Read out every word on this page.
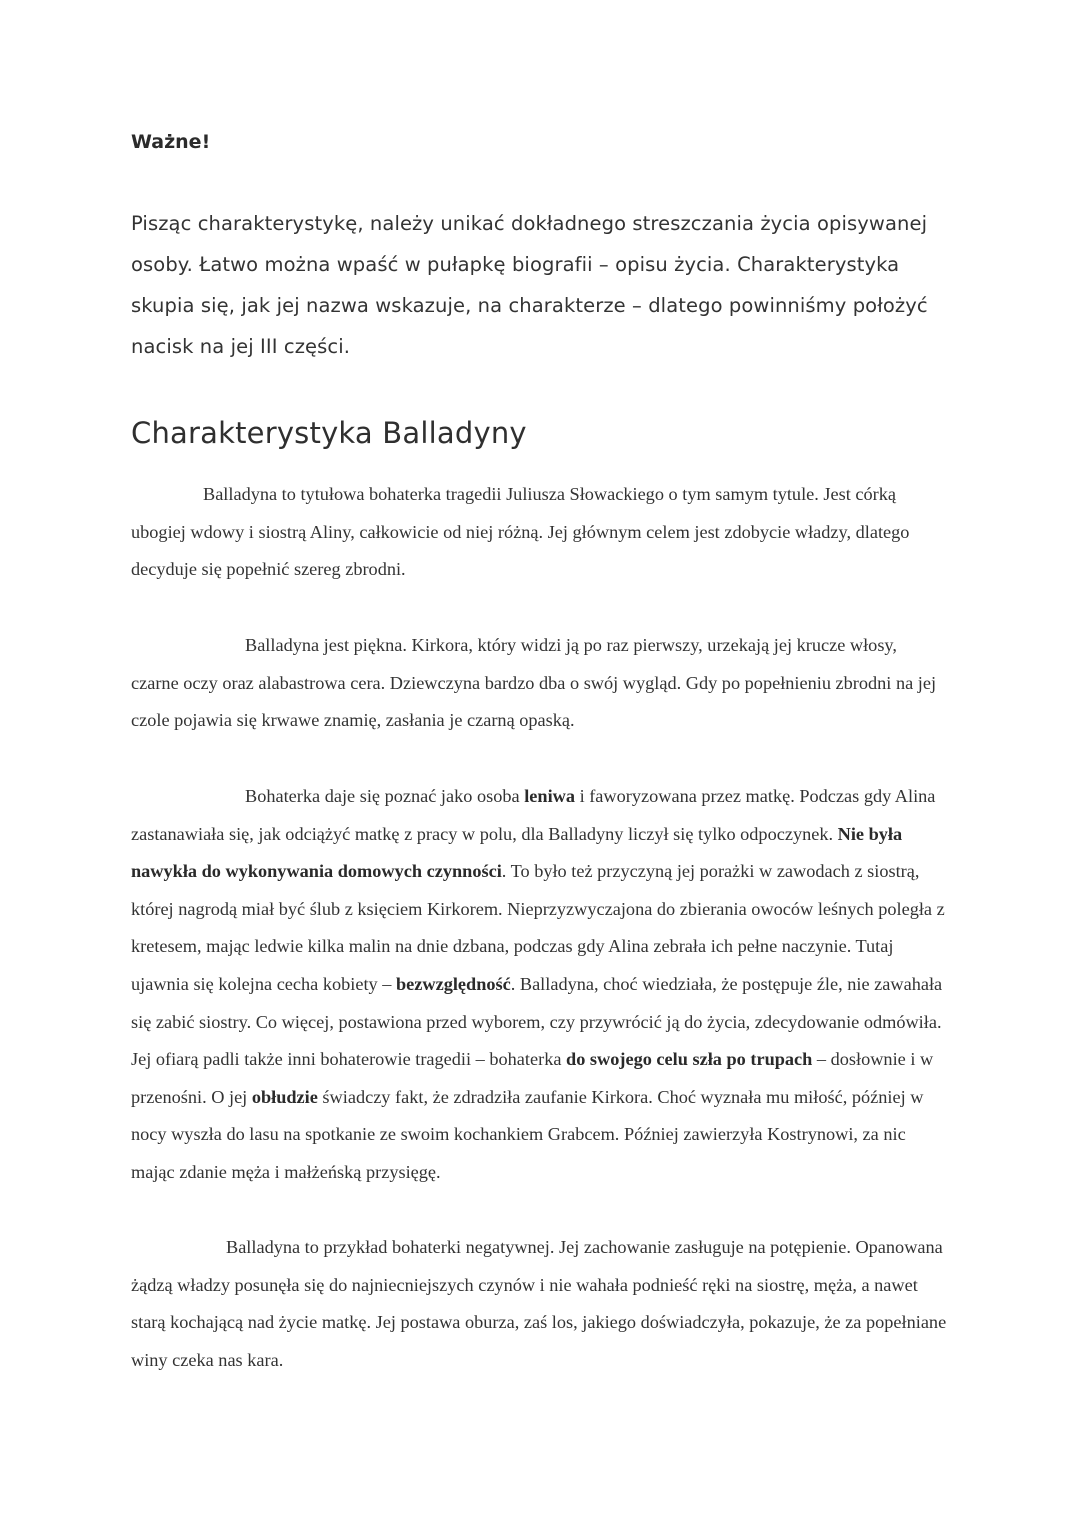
Ważne!

Pisząc charakterystykę, należy unikać dokładnego streszczania życia opisywanej osoby. Łatwo można wpaść w pułapkę biografii – opisu życia. Charakterystyka skupia się, jak jej nazwa wskazuje, na charakterze – dlatego powinniśmy położyć nacisk na jej III części.

Charakterystyka Balladyny

Balladyna to tytułowa bohaterka tragedii Juliusza Słowackiego o tym samym tytule. Jest córką ubogiej wdowy i siostrą Aliny, całkowicie od niej różną. Jej głównym celem jest zdobycie władzy, dlatego decyduje się popełnić szereg zbrodni.

Balladyna jest piękna. Kirkora, który widzi ją po raz pierwszy, urzekają jej krucze włosy, czarne oczy oraz alabastrowa cera. Dziewczyna bardzo dba o swój wygląd. Gdy po popełnieniu zbrodni na jej czole pojawia się krwawe znamię, zasłania je czarną opaską.

Bohaterka daje się poznać jako osoba leniwa i faworyzowana przez matkę. Podczas gdy Alina zastanawiała się, jak odciążyć matkę z pracy w polu, dla Balladyny liczył się tylko odpoczynek. Nie była nawykła do wykonywania domowych czynności. To było też przyczyną jej porażki w zawodach z siostrą, której nagrodą miał być ślub z księciem Kirkorem. Nieprzyzwyczajona do zbierania owoców leśnych poległa z kretesem, mając ledwie kilka malin na dnie dzbana, podczas gdy Alina zebrała ich pełne naczynie. Tutaj ujawnia się kolejna cecha kobiety – bezwzględność. Balladyna, choć wiedziała, że postępuje źle, nie zawahała się zabić siostry. Co więcej, postawiona przed wyborem, czy przywrócić ją do życia, zdecydowanie odmówiła. Jej ofiarą padli także inni bohaterowie tragedii – bohaterka do swojego celu szła po trupach – dosłownie i w przenośni. O jej obłudzie świadczy fakt, że zdradziła zaufanie Kirkora. Choć wyznała mu miłość, później w nocy wyszła do lasu na spotkanie ze swoim kochankiem Grabcem. Później zawierzyła Kostrynowi, za nic mając zdanie męża i małżeńską przysięgę.

Balladyna to przykład bohaterki negatywnej. Jej zachowanie zasługuje na potępienie. Opanowana żądzą władzy posunęła się do najniecniejszych czynów i nie wahała podnieść ręki na siostrę, męża, a nawet starą kochającą nad życie matkę. Jej postawa oburza, zaś los, jakiego doświadczyła, pokazuje, że za popełniane winy czeka nas kara.
